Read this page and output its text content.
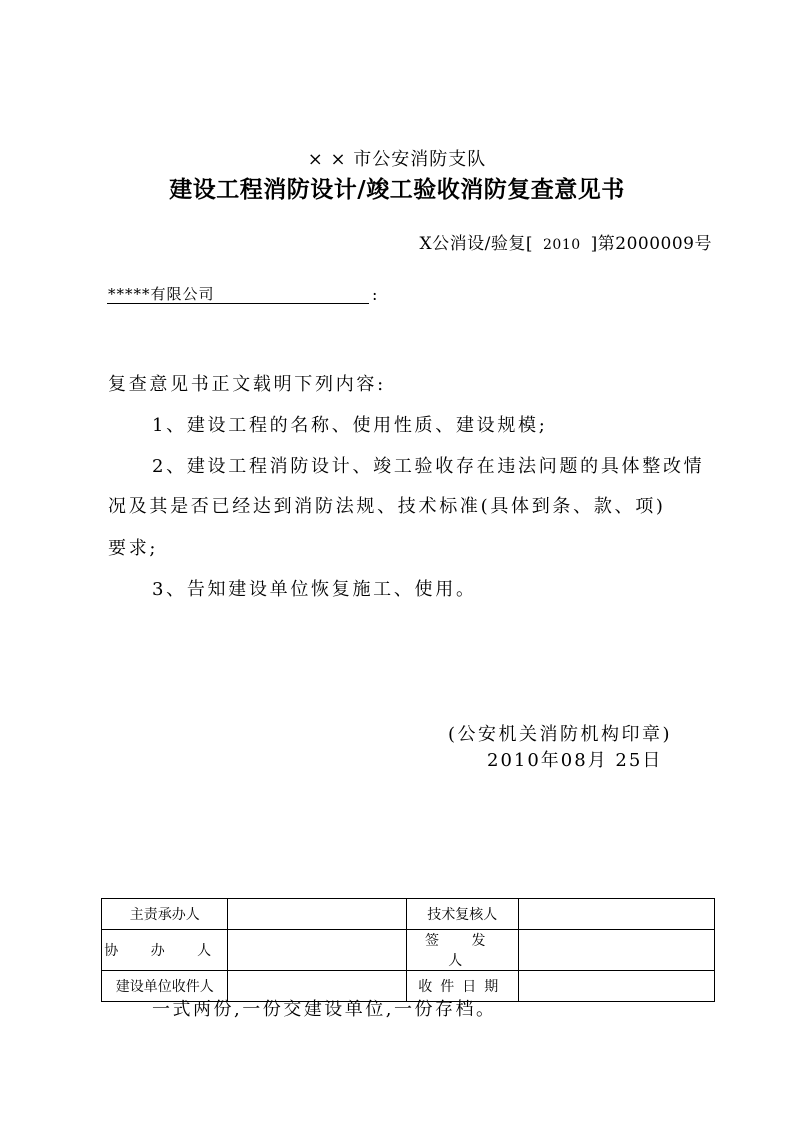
× × 市公安消防支队
建设工程消防设计/竣工验收消防复查意见书
X公消设/验复[ 2010 ]第2000009号
*****有限公司	:
复查意见书正文载明下列内容:
1、建设工程的名称、使用性质、建设规模;
2、建设工程消防设计、竣工验收存在违法问题的具体整改情
况及其是否已经达到消防法规、技术标准(具体到条、款、项)
要求;
3、告知建设单位恢复施工、使用。
(公安机关消防机构印章)
2010年08月 25日
主责承办人		技术复核人	
协 办 人		签 发 人	
建设单位收件人		收件日期	
一式两份,一份交建设单位,一份存档。
